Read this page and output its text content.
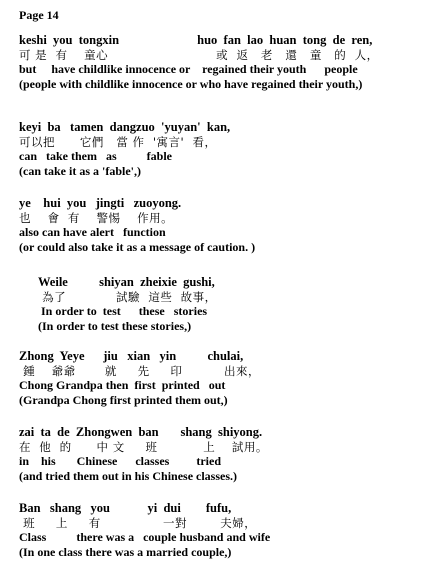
Page 14
keshi  you  tongxin                         huo  fan  lao  huan  tong  de  ren,
可 是  有    童心                          或  返   老   還   童   的  人，
but     have childlike innocence or    regained their youth      people
(people with childlike innocence or who have regained their youth,)
keyi  ba   tamen  dangzuo  'yuyan'  kan,
可以把      它們   當 作  '寓言'  看，
can   take them   as          fable
(can take it as a 'fable',)
ye    hui  you   jingti   zuoyong.
也    會  有    警惕    作用。
also can have alert   function
(or could also take it as a message of caution. )
Weile          shiyan  zheixie  gushi,
為了            試驗  這些  故事，
In order to  test      these   stories
(In order to test these stories,)
Zhong  Yeye      jiu   xian   yin          chulai,
鍾    爺爺       就     先     印          出來，
Chong Grandpa then  first  printed   out
(Grandpa Chong first printed them out,)
zai  ta  de  Zhongwen  ban       shang  shiyong.
在  他  的      中 文     班           上    試用。
in    his       Chinese      classes         tried
(and tried them out in his Chinese classes.)
Ban   shang   you            yi  dui        fufu,
班     上     有               一對        夫婦，
Class          there was a   couple husband and wife
(In one class there was a married couple,)
